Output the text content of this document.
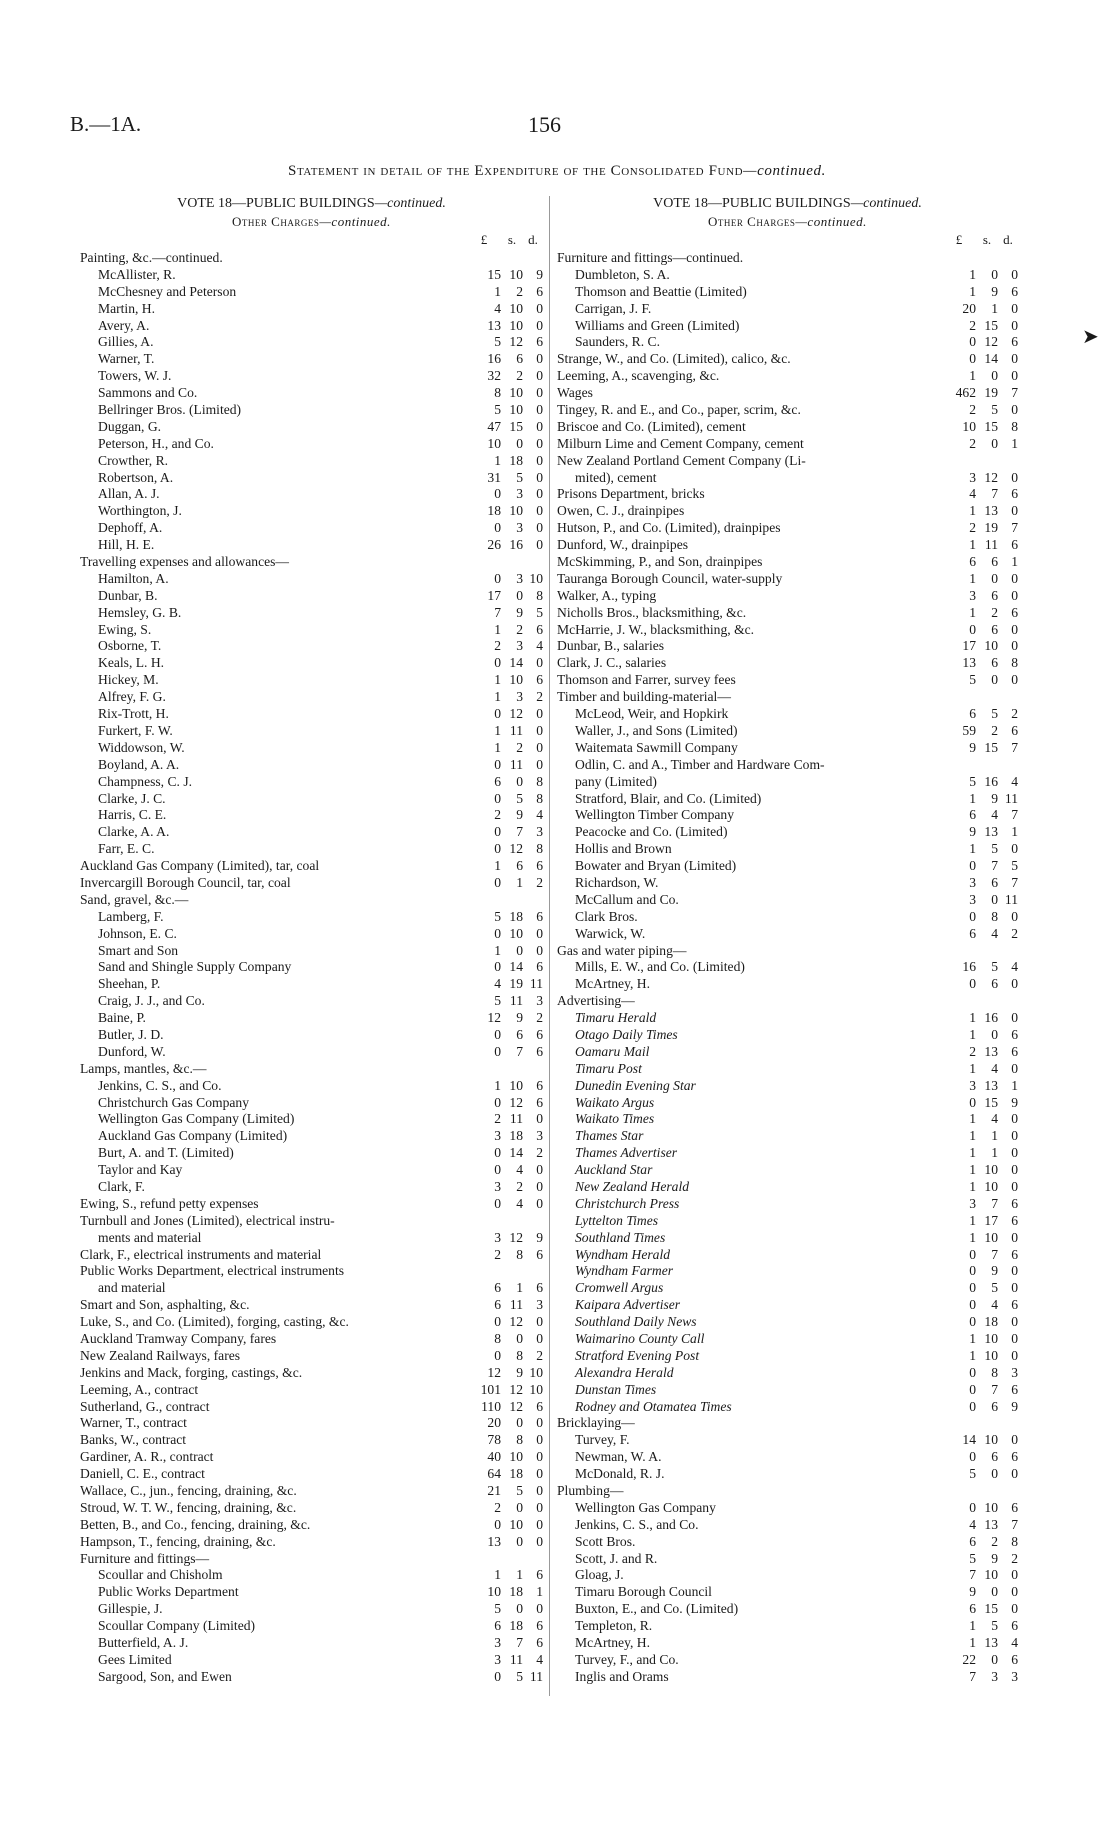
B.—1A.	156
Statement in detail of the Expenditure of the Consolidated Fund—continued.
VOTE 18—PUBLIC BUILDINGS—continued.
Other Charges—continued.
£	s. d.
Painting, &c.—continued.
McAllister, R.	15 10 9
McChesney and Peterson	1	2 6
Martin, H.	4 10 0
Avery, A.	13 10 0
Gillies, A.	5 12 6
Warner, T.	16	6 0
Towers, W. J.	32	2 0
Sammons and Co.	8 10 0
Bellringer Bros. (Limited)	5 10 0
Duggan, G.	47 15 0
Peterson, H., and Co.	10	0 0
Crowther, R.	1 18 0
Robertson, A.	31	5 0
Allan, A. J.	0	3 0
Worthington, J.	18 10 0
Dephoff, A.	0	3 0
Hill, H. E.	26 16 0
Travelling expenses and allowances—
Hamilton, A.	0	3 10
Dunbar, B.	17	0 8
Hemsley, G. B.	7	9 5
Ewing, S.	1	2 6
Osborne, T.	2	3 4
Keals, L. H.	0 14 0
Hickey, M.	1 10 6
Alfrey, F. G.	1	3 2
Rix-Trott, H.	0 12 0
Furkert, F. W.	1 11 0
Widdowson, W.	1	2 0
Boyland, A. A.	0 11 0
Champness, C. J.	6	0 8
Clarke, J. C.	0	5 8
Harris, C. E.	2	9 4
Clarke, A. A.	0	7 3
Farr, E. C.	0 12 8
Auckland Gas Company (Limited), tar, coal	1	6 6
Invercargill Borough Council, tar, coal	0	1 2
Sand, gravel, &c.—
Lamberg, F.	5 18 6
Johnson, E. C.	0 10 0
Smart and Son	1	0 0
Sand and Shingle Supply Company	0 14 6
Sheehan, P.	4 19 11
Craig, J. J., and Co.	5 11 3
Baine, P.	12	9 2
Butler, J. D.	0	6 6
Dunford, W.	0	7 6
Lamps, mantles, &c.—
Jenkins, C. S., and Co.	1 10 6
Christchurch Gas Company	0 12 6
Wellington Gas Company (Limited)	2 11 0
Auckland Gas Company (Limited)	3 18 3
Burt, A. and T. (Limited)	0 14 2
Taylor and Kay	0	4 0
Clark, F.	3	2 0
Ewing, S., refund petty expenses	0	4 0
Turnbull and Jones (Limited), electrical instru-
ments and material	3 12 9
Clark, F., electrical instruments and material	2	8 6
Public Works Department, electrical instruments
and material	6	1 6
Smart and Son, asphalting, &c.	6 11 3
Luke, S., and Co. (Limited), forging, casting, &c.	0 12 0
Auckland Tramway Company, fares	8	0 0
New Zealand Railways, fares	0	8 2
Jenkins and Mack, forging, castings, &c.	12	9 10
Leeming, A., contract	101 12 10
Sutherland, G., contract	110 12 6
Warner, T., contract	20	0 0
Banks, W., contract	78	8 0
Gardiner, A. R., contract	40 10 0
Daniell, C. E., contract	64 18 0
Wallace, C., jun., fencing, draining, &c.	21	5 0
Stroud, W. T. W., fencing, draining, &c.	2	0 0
Betten, B., and Co., fencing, draining, &c.	0 10 0
Hampson, T., fencing, draining, &c.	13	0 0
Furniture and fittings—
Scoullar and Chisholm	1	1 6
Public Works Department	10 18 1
Gillespie, J.	5	0 0
Scoullar Company (Limited)	6 18 6
Butterfield, A. J.	3	7 6
Gees Limited	3 11 4
Sargood, Son, and Ewen	0	5 11
VOTE 18—PUBLIC BUILDINGS—continued.
Other Charges—continued.
£	s. d.
Furniture and fittings—continued.
Dumbleton, S. A.	1	0 0
Thomson and Beattie (Limited)	1	9 6
Carrigan, J. F.	20	1 0
Williams and Green (Limited)	2 15 0
Saunders, R. C.	0 12 6
Strange, W., and Co. (Limited), calico, &c.	0 14 0
Leeming, A., scavenging, &c.	1	0 0
Wages	462 19 7
Tingey, R. and E., and Co., paper, scrim, &c.	2	5 0
Briscoe and Co. (Limited), cement	10 15 8
Milburn Lime and Cement Company, cement	2	0 1
New Zealand Portland Cement Company (Li-
mited), cement	3 12 0
Prisons Department, bricks	4	7 6
Owen, C. J., drainpipes	1 13 0
Hutson, P., and Co. (Limited), drainpipes	2 19 7
Dunford, W., drainpipes	1 11 6
McSkimming, P., and Son, drainpipes	6	6 1
Tauranga Borough Council, water-supply	1	0 0
Walker, A., typing	3	6 0
Nicholls Bros., blacksmithing, &c.	1	2 6
McHarrie, J. W., blacksmithing, &c.	0	6 0
Dunbar, B., salaries	17 10 0
Clark, J. C., salaries	13	6 8
Thomson and Farrer, survey fees	5	0 0
Timber and building-material—
McLeod, Weir, and Hopkirk	6	5 2
Waller, J., and Sons (Limited)	59	2 6
Waitemata Sawmill Company	9 15 7
Odlin, C. and A., Timber and Hardware Com-
pany (Limited)	5 16 4
Stratford, Blair, and Co. (Limited)	1	9 11
Wellington Timber Company	6	4 7
Peacocke and Co. (Limited)	9 13 1
Hollis and Brown	1	5 0
Bowater and Bryan (Limited)	0	7 5
Richardson, W.	3	6 7
McCallum and Co.	3	0 11
Clark Bros.	0	8 0
Warwick, W.	6	4 2
Gas and water piping—
Mills, E. W., and Co. (Limited)	16	5 4
McArtney, H.	0	6 0
Advertising—
Timaru Herald	1 16 0
Otago Daily Times	1	0 6
Oamaru Mail	2 13 6
Timaru Post	1	4 0
Dunedin Evening Star	3 13 1
Waikato Argus	0 15 9
Waikato Times	1	4 0
Thames Star	1	1 0
Thames Advertiser	1	1 0
Auckland Star	1 10 0
New Zealand Herald	1 10 0
Christchurch Press	3	7 6
Lyttelton Times	1 17 6
Southland Times	1 10 0
Wyndham Herald	0	7 6
Wyndham Farmer	0	9 0
Cromwell Argus	0	5 0
Kaipara Advertiser	0	4 6
Southland Daily News	0 18 0
Waimarino County Call	1 10 0
Stratford Evening Post	1 10 0
Alexandra Herald	0	8 3
Dunstan Times	0	7 6
Rodney and Otamatea Times	0	6 9
Bricklaying—
Turvey, F.	14 10 0
Newman, W. A.	0	6 6
McDonald, R. J.	5	0 0
Plumbing—
Wellington Gas Company	0 10 6
Jenkins, C. S., and Co.	4 13 7
Scott Bros.	6	2 8
Scott, J. and R.	5	9 2
Gloag, J.	7 10 0
Timaru Borough Council	9	0 0
Buxton, E., and Co. (Limited)	6 15 0
Templeton, R.	1	5 6
McArtney, H.	1 13 4
Turvey, F., and Co.	22	0 6
Inglis and Orams	7	3 3
➤
